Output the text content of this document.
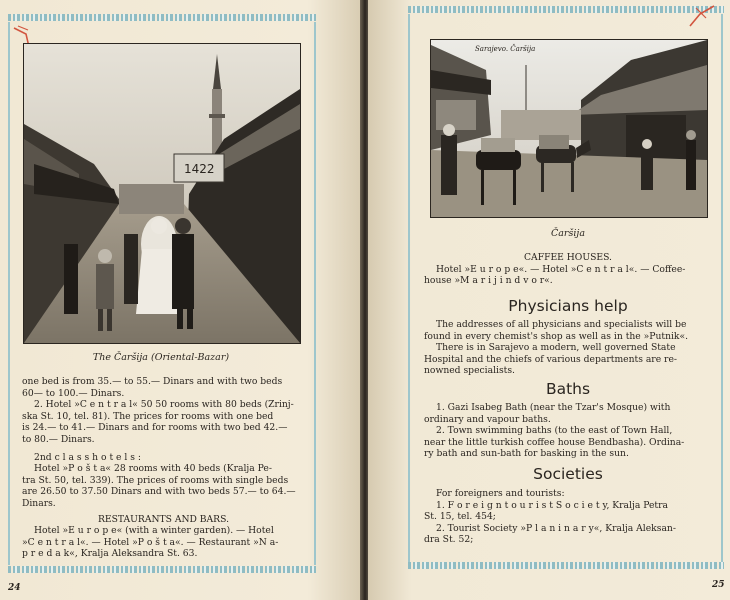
1422
The Čaršija (Oriental-Bazar)

one bed is from 35.— to 55.— Dinars and with two beds

60— to 100.— Dinars.

2. Hotel »C e n t r a l« 50 50 rooms with 80 beds (Zrinj-

ska St. 10, tel. 81). The prices for rooms with one bed

is 24.— to 41.— Dinars and for rooms with two bed 42.—

to 80.— Dinars.

2nd c l a s s h o t e l s :

Hotel »P o š t a« 28 rooms with 40 beds (Kralja Pe-

tra St. 50, tel. 339). The prices of rooms with single beds

are 26.50 to 37.50 Dinars and with two beds 57.— to 64.—

Dinars.

RESTAURANTS AND BARS.

Hotel »E u r o p e« (with a winter garden). — Hotel

»C e n t r a l«. — Hotel »P o š t a«. — Restaurant »N a-

p r e d a k«, Kralja Aleksandra St. 63.

24
Sarajevo. Čaršija
Čaršija

CAFFEE HOUSES.

Hotel »E u r o p e«. — Hotel »C e n t r a l«. — Coffee-

house »M a r i j i n d v o r«.

Physicians help

The addresses of all physicians and specialists will be

found in every chemist's shop as well as in the »Putnik«.

There is in Sarajevo a modern, well governed State

Hospital and the chiefs of various departments are re-

nowned specialists.

Baths

1. Gazi Isabeg Bath (near the Tzar's Mosque) with

ordinary and vapour baths.

2. Town swimming baths (to the east of Town Hall,

near the little turkish coffee house Bendbasha). Ordina-

ry bath and sun-bath for basking in the sun.

Societies

For foreigners and tourists:

1. F o r e i g n t o u r i s t S o c i e t y, Kralja Petra

St. 15, tel. 454;

2. Tourist Society »P l a n i n a r y«, Kralja Aleksan-

dra St. 52;

25
